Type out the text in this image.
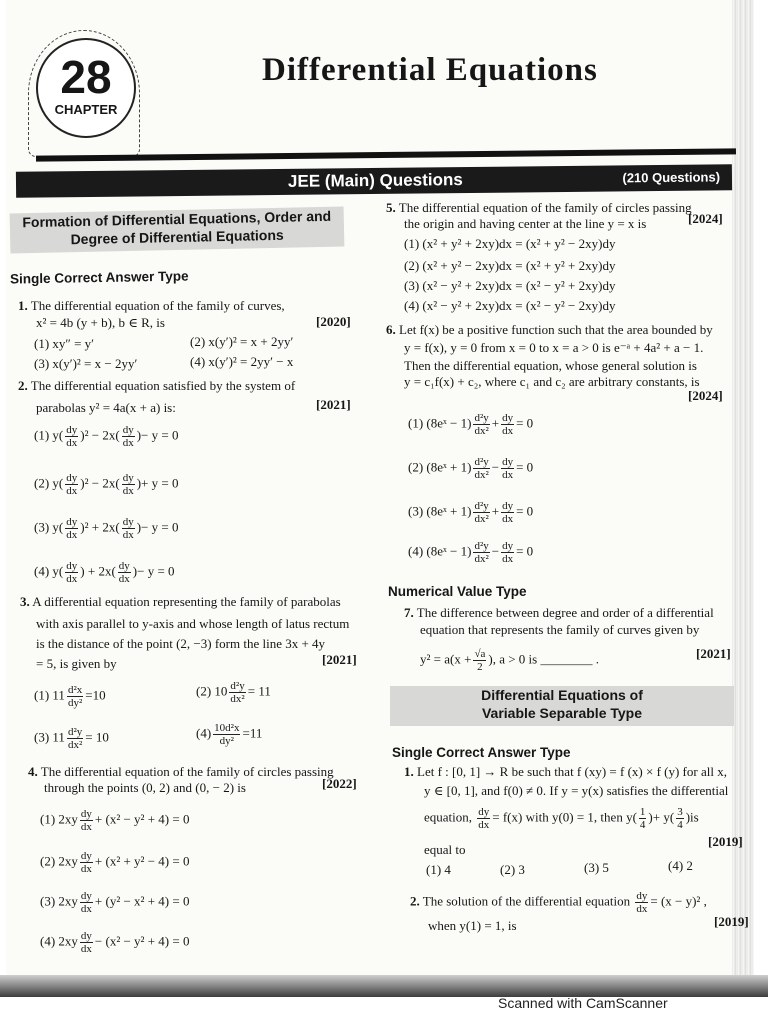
28
CHAPTER
Differential Equations
JEE (Main) Questions	(210 Questions)
Formation of Differential Equations, Order and
Degree of Differential Equations
Single Correct Answer Type
1. The differential equation of the family of curves,
x² = 4b (y + b), b ∈ R, is	[2020]
(1) xy″ = y′	(2) x(y′)² = x + 2yy′
(3) x(y′)² = x − 2yy′	(4) x(y′)² = 2yy′ − x
2. The differential equation satisfied by the system of
parabolas y² = 4a(x + a) is:	[2021]
(1) $y( \frac{dy}{dx} )^2 - 2x( \frac{dy}{dx}$ )− y = 0
(2) $y( \frac{dy}{dx} )^2 - 2x( \frac{dy}{dx}$ )+ y = 0
(3) $y( \frac{dy}{dx} )^2 + 2x( \frac{dy}{dx}$ )− y = 0
(4) $y( \frac{dy}{dx}$ ) + $2x( \frac{dy}{dx}$ )− y = 0
3. A differential equation representing the family of parabolas
with axis parallel to y-axis and whose length of latus rectum
is the distance of the point (2, −3) form the line 3x + 4y
= 5, is given by	[2021]
(1) $11 \frac{\text{d²x}}{\text{dy²}} =10$	(2) $10 \frac{\text{d²y}}{\text{dx²}} = 11$
(3) $11 \frac{\text{d²y}}{\text{dx²}} = 10$	$(4) \frac{\text{10d²x}}{\text{dy²}} =11$
4. The differential equation of the family of circles passing
through the points (0, 2) and (0, − 2) is	[2022]
(1) $2xy \frac{dy}{dx} + (x^2 - y^2 + 4) = 0$
(2) $2xy \frac{dy}{dx} + (x^2 + y^2 - 4) = 0$
(3) $2xy \frac{dy}{dx} + (y^2 - x^2 + 4) = 0$
(4) $2xy \frac{dy}{dx} - (x^2 - y^2 + 4) = 0$
5. The differential equation of the family of circles passing
the origin and having center at the line y = x is	[2024]
(1) (x² + y² + 2xy)dx = (x² + y² − 2xy)dy
(2) (x² + y² − 2xy)dx = (x² + y² + 2xy)dy
(3) (x² − y² + 2xy)dx = (x² − y² + 2xy)dy
(4) (x² − y² + 2xy)dx = (x² − y² − 2xy)dy
6. Let f(x) be a positive function such that the area bounded by
y = f(x), y = 0 from x = 0 to x = a > 0 is e⁻ᵃ + 4a² + a − 1.
Then the differential equation, whose general solution is
y = c₁f(x) + c₂, where c₁ and c₂ are arbitrary constants, is
[2024]
(1) (8eˣ − $1) \frac{\text{d²y}}{\text{dx²}} + \frac{dy}{dx} = 0$
(2) (8eˣ + $1) \frac{\text{d²y}}{\text{dx²}} - \frac{dy}{dx} = 0$
(3) (8eˣ + $1) \frac{\text{d²y}}{\text{dx²}} + \frac{dy}{dx} = 0$
(4) (8eˣ − $1) \frac{\text{d²y}}{\text{dx²}} - \frac{dy}{dx} = 0$
Numerical Value Type
7. The difference between degree and order of a differential
equation that represents the family of curves given by
$y^2 = a(x + \frac{√a}{2}$ ), a > 0 is ________ .	[2021]
Differential Equations of
Variable Separable Type
Single Correct Answer Type
1. Let f : [0, 1] → R be such that f (xy) = f (x) × f (y) for all x,
y ∈ [0, 1], and f(0) ≠ 0. If y = y(x) satisfies the differential
equation, $\frac{dy}{dx} = f(x)$ with y(0) = 1, then $y( \frac{1}{4}$ )+ $y( \frac{3}{4} )is$
equal to
[2019]
(1) 4	(2) 3	(3) 5	(4) 2
2. The solution of the differential equation $\frac{dy}{dx} = (x - y)^2$ ,
when y(1) = 1, is	[2019]
Scanned with CamScanner
